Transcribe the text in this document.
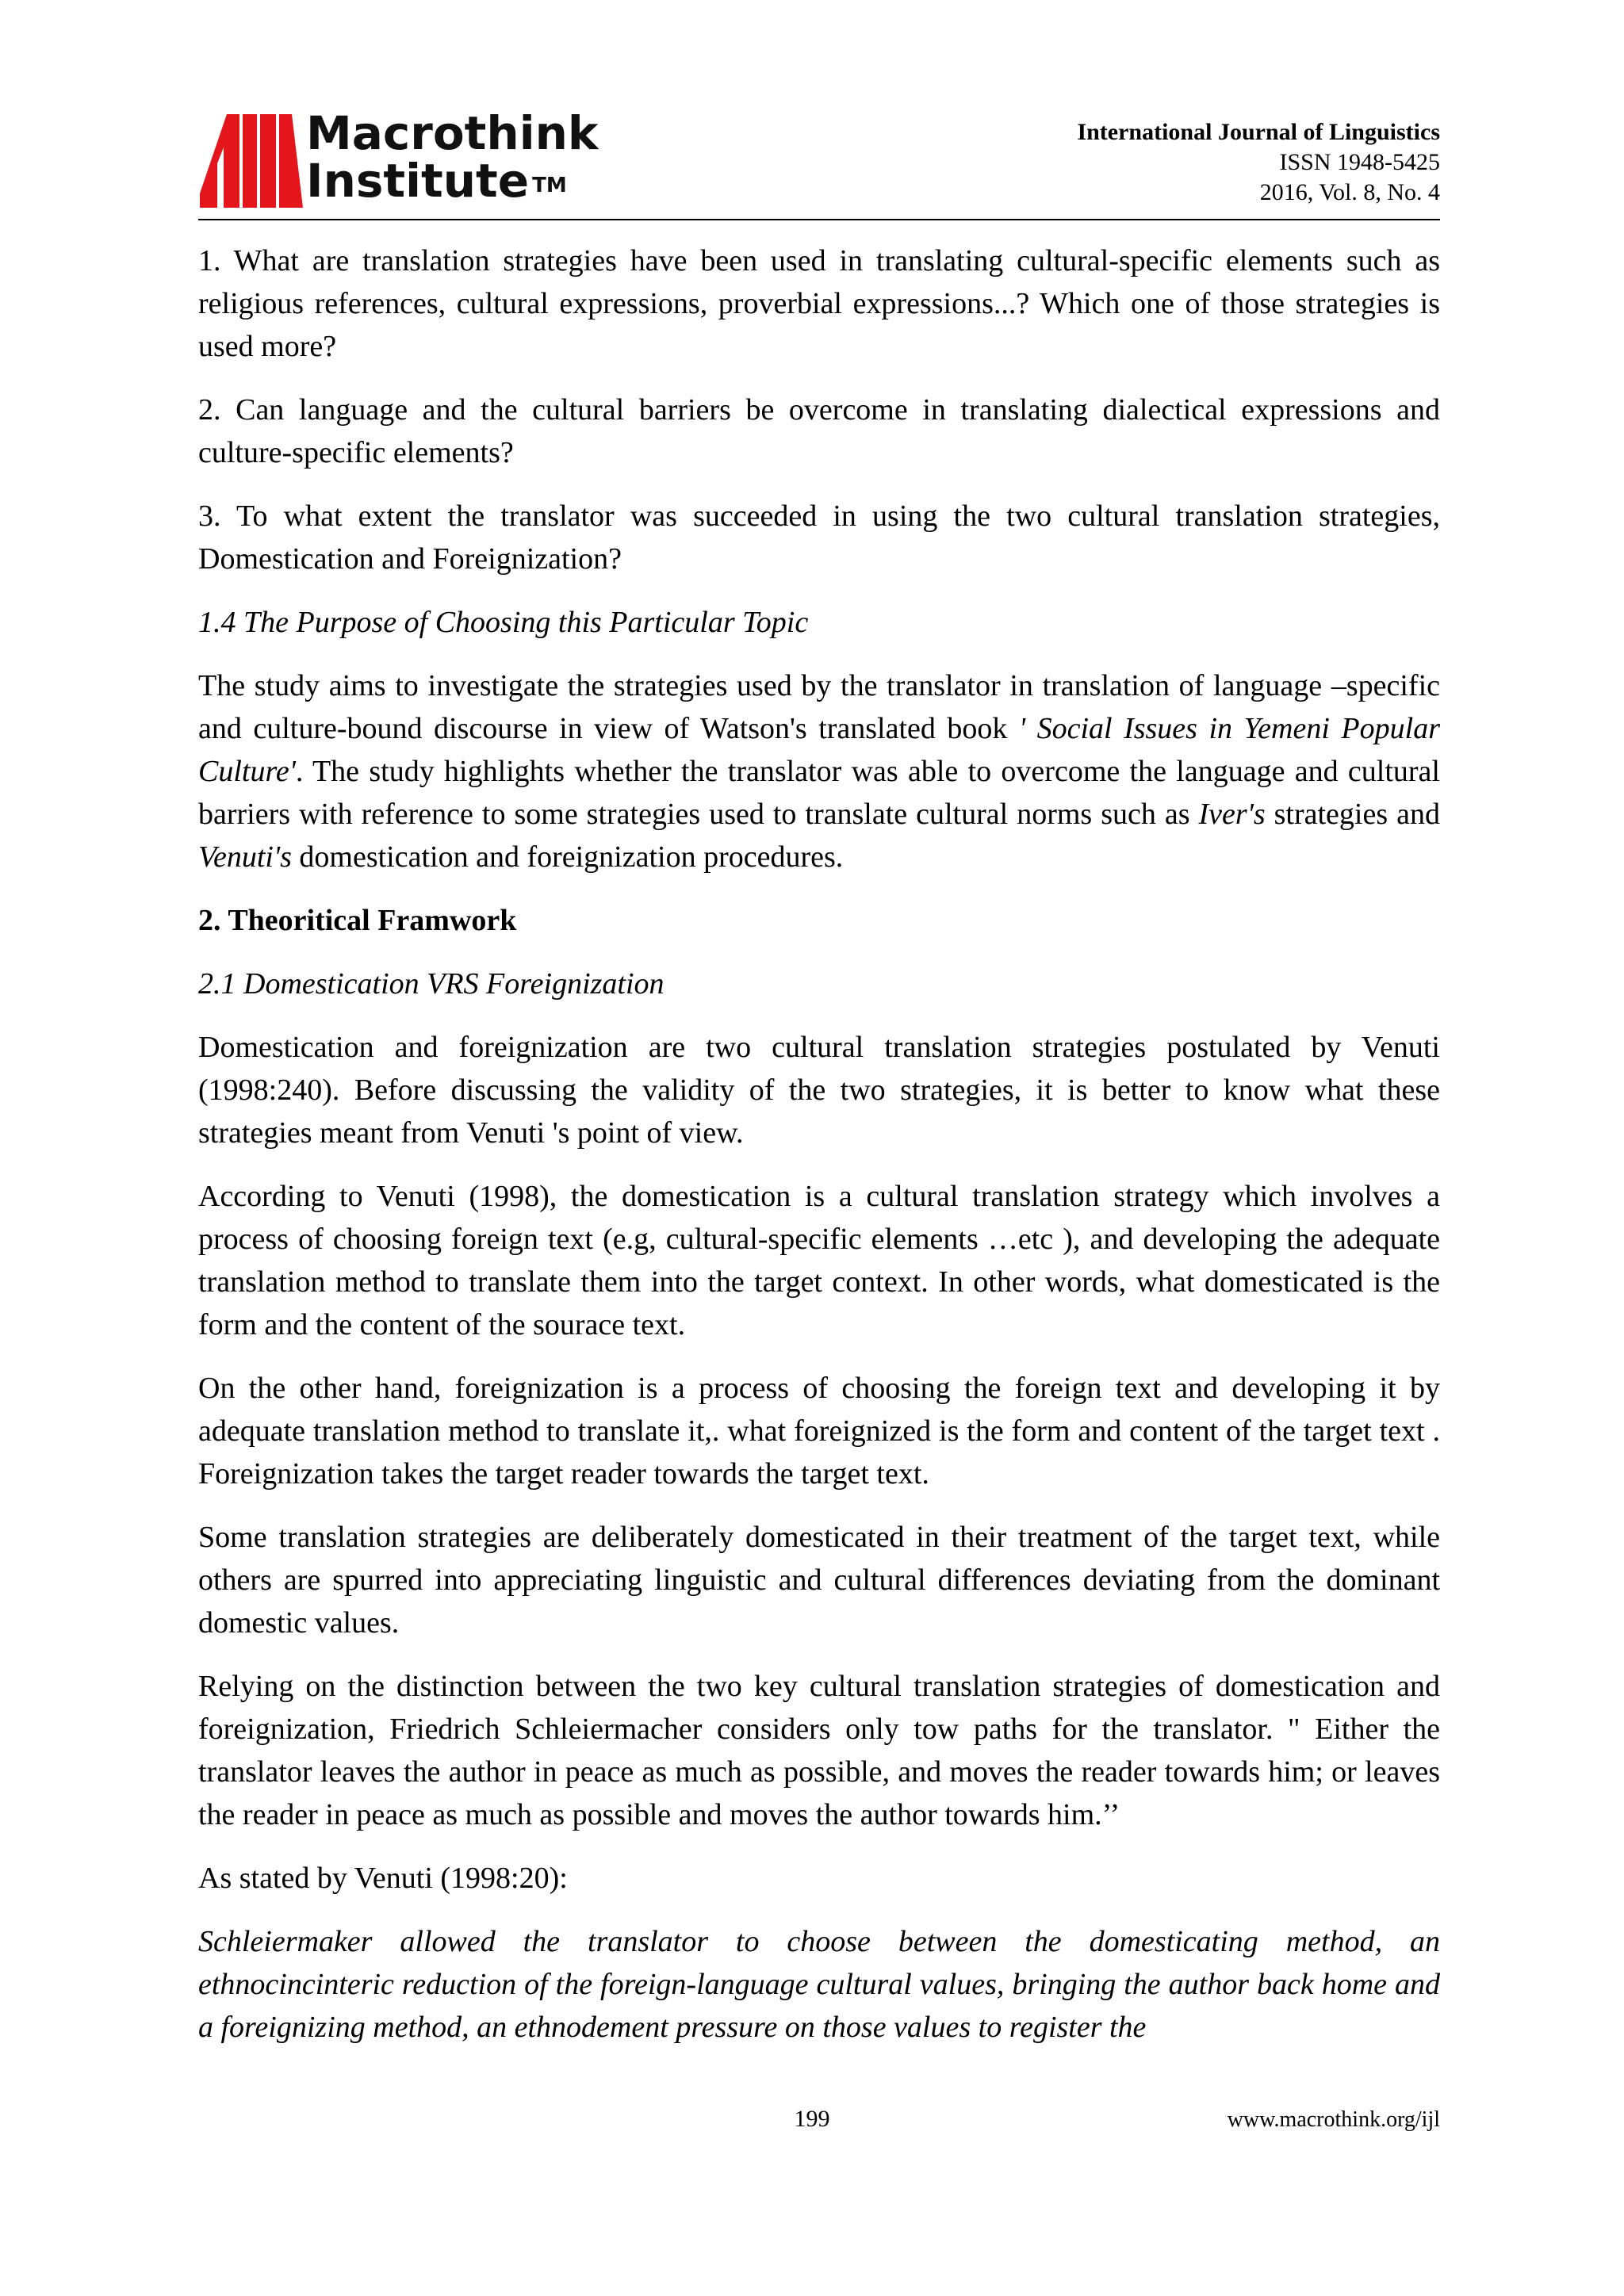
Macrothink
Institute ™
International Journal of Linguistics
ISSN 1948-5425
2016, Vol. 8, No. 4

1. What are translation strategies have been used in translating cultural-specific elements such as religious references, cultural expressions, proverbial expressions...? Which one of those strategies is used more?

2. Can language and the cultural barriers be overcome in translating dialectical expressions and culture-specific elements?

3. To what extent the translator was succeeded in using the two cultural translation strategies, Domestication and Foreignization?

1.4 The Purpose of Choosing this Particular Topic

The study aims to investigate the strategies used by the translator in translation of language –specific and culture-bound discourse in view of Watson's translated book ' Social Issues in Yemeni Popular Culture'. The study highlights whether the translator was able to overcome the language and cultural barriers with reference to some strategies used to translate cultural norms such as Iver's strategies and Venuti's domestication and foreignization procedures.

2. Theoritical Framwork

2.1 Domestication VRS Foreignization

Domestication and foreignization are two cultural translation strategies postulated by Venuti (1998:240). Before discussing the validity of the two strategies, it is better to know what these strategies meant from Venuti 's point of view.

According to Venuti (1998), the domestication is a cultural translation strategy which involves a process of choosing foreign text (e.g, cultural-specific elements …etc ), and developing the adequate translation method to translate them into the target context. In other words, what domesticated is the form and the content of the sourace text.

On the other hand, foreignization is a process of choosing the foreign text and developing it by adequate translation method to translate it,. what foreignized is the form and content of the target text . Foreignization takes the target reader towards the target text.

Some translation strategies are deliberately domesticated in their treatment of the target text, while others are spurred into appreciating linguistic and cultural differences deviating from the dominant domestic values.

Relying on the distinction between the two key cultural translation strategies of domestication and foreignization, Friedrich Schleiermacher considers only tow paths for the translator. " Either the translator leaves the author in peace as much as possible, and moves the reader towards him; or leaves the reader in peace as much as possible and moves the author towards him.’’

As stated by Venuti (1998:20):

Schleiermaker allowed the translator to choose between the domesticating method, an ethnocincinteric reduction of the foreign-language cultural values, bringing the author back home and a foreignizing method, an ethnodement pressure on those values to register the

199	www.macrothink.org/ijl
